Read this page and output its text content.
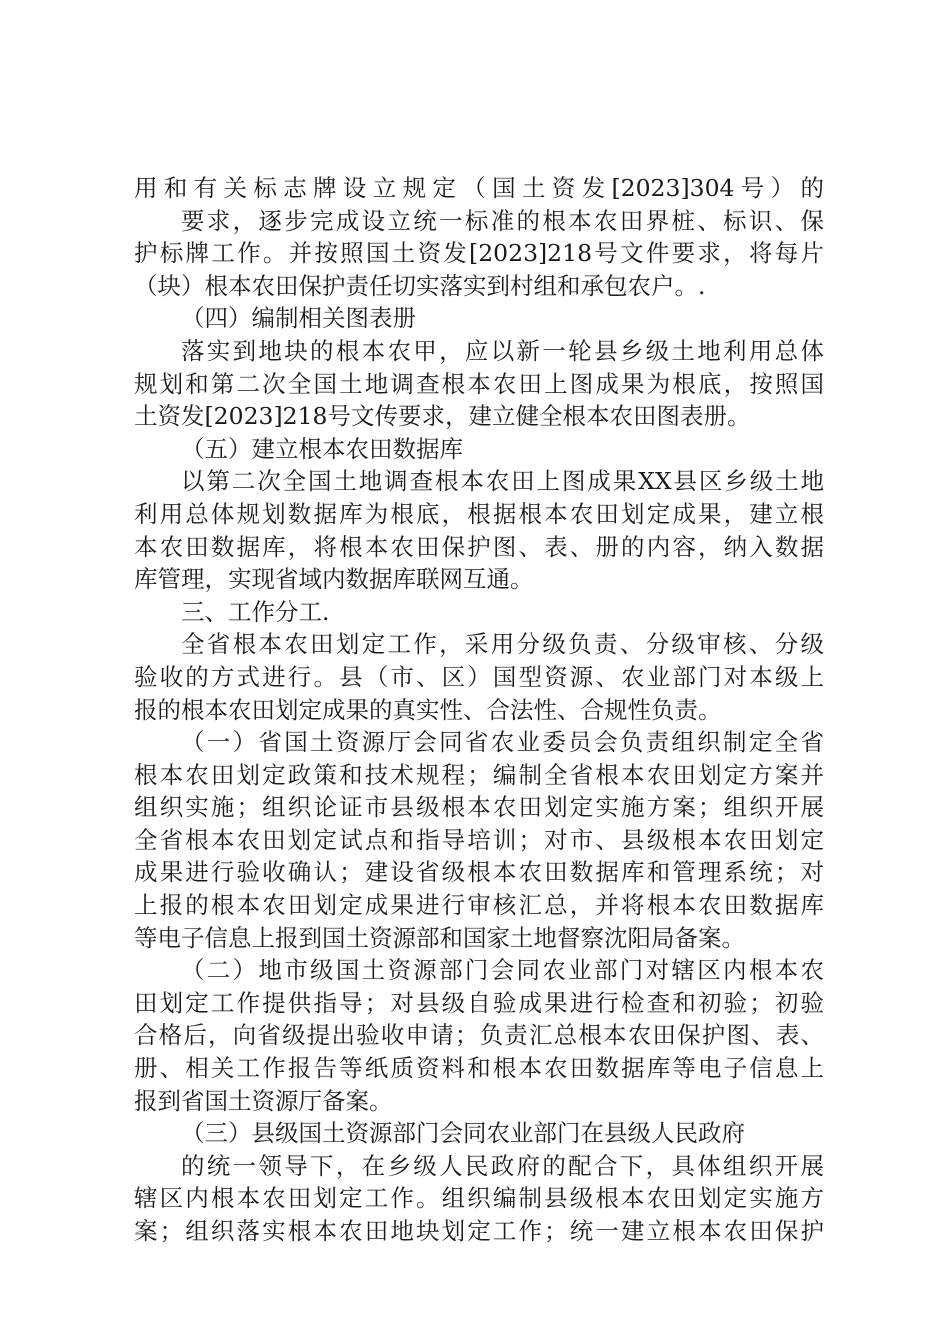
用和有关标志牌设立规定（国土资发[2023]304号）的
要求，逐步完成设立统一标准的根本农田界桩、标识、保
护标牌工作。并按照国土资发[2023]218号文件要求，将每片
（块）根本农田保护责任切实落实到村组和承包农户。.
（四）编制相关图表册
落实到地块的根本农甲，应以新一轮县乡级土地利用总体
规划和第二次全国土地调查根本农田上图成果为根底，按照国
土资发[2023]218号文传要求，建立健全根本农田图表册。
（五）建立根本农田数据库
以第二次全国土地调查根本农田上图成果XX县区乡级土地
利用总体规划数据库为根底，根据根本农田划定成果，建立根
本农田数据库，将根本农田保护图、表、册的内容，纳入数据
库管理，实现省域内数据库联网互通。
三、工作分工.
全省根本农田划定工作，采用分级负责、分级审核、分级
验收的方式进行。县（市、区）国型资源、农业部门对本级上
报的根本农田划定成果的真实性、合法性、合规性负责。
（一）省国土资源厅会同省农业委员会负责组织制定全省
根本农田划定政策和技术规程；编制全省根本农田划定方案并
组织实施；组织论证市县级根本农田划定实施方案；组织开展
全省根本农田划定试点和指导培训；对市、县级根本农田划定
成果进行验收确认；建设省级根本农田数据库和管理系统；对
上报的根本农田划定成果进行审核汇总，并将根本农田数据库
等电子信息上报到国土资源部和国家土地督察沈阳局备案。
（二）地市级国土资源部门会同农业部门对辖区内根本农
田划定工作提供指导；对县级自验成果进行检查和初验；初验
合格后，向省级提出验收申请；负责汇总根本农田保护图、表、
册、相关工作报告等纸质资料和根本农田数据库等电子信息上
报到省国土资源厅备案。
（三）县级国土资源部门会同农业部门在县级人民政府
的统一领导下，在乡级人民政府的配合下，具体组织开展
辖区内根本农田划定工作。组织编制县级根本农田划定实施方
案；组织落实根本农田地块划定工作；统一建立根本农田保护
